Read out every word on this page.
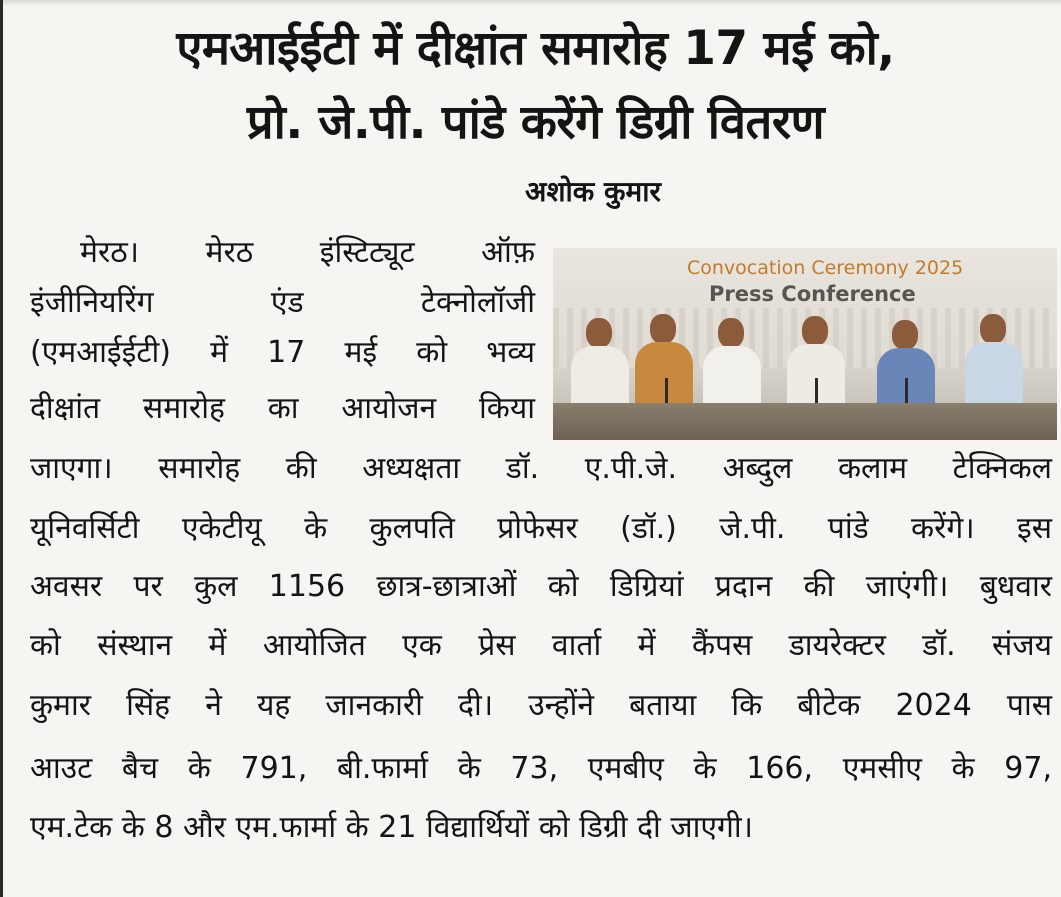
एमआईईटी में दीक्षांत समारोह 17 मई को,
प्रो. जे.पी. पांडे करेंगे डिग्री वितरण
अशोक कुमार
मेरठ। मेरठ इंस्टिट्यूट ऑफ़
इंजीनियरिंग एंड टेक्नोलॉजी
(एमआईईटी) में 17 मई को भव्य
दीक्षांत समारोह का आयोजन किया
जाएगा। समारोह की अध्यक्षता डॉ. ए.पी.जे. अब्दुल कलाम टेक्निकल
यूनिवर्सिटी एकेटीयू के कुलपति प्रोफेसर (डॉ.) जे.पी. पांडे करेंगे। इस
अवसर पर कुल 1156 छात्र-छात्राओं को डिग्रियां प्रदान की जाएंगी। बुधवार
को संस्थान में आयोजित एक प्रेस वार्ता में कैंपस डायरेक्टर डॉ. संजय
कुमार सिंह ने यह जानकारी दी। उन्होंने बताया कि बीटेक 2024 पास
आउट बैच के 791, बी.फार्मा के 73, एमबीए के 166, एमसीए के 97,
एम.टेक के 8 और एम.फार्मा के 21 विद्यार्थियों को डिग्री दी जाएगी।
Convocation Ceremony 2025
Press Conference
